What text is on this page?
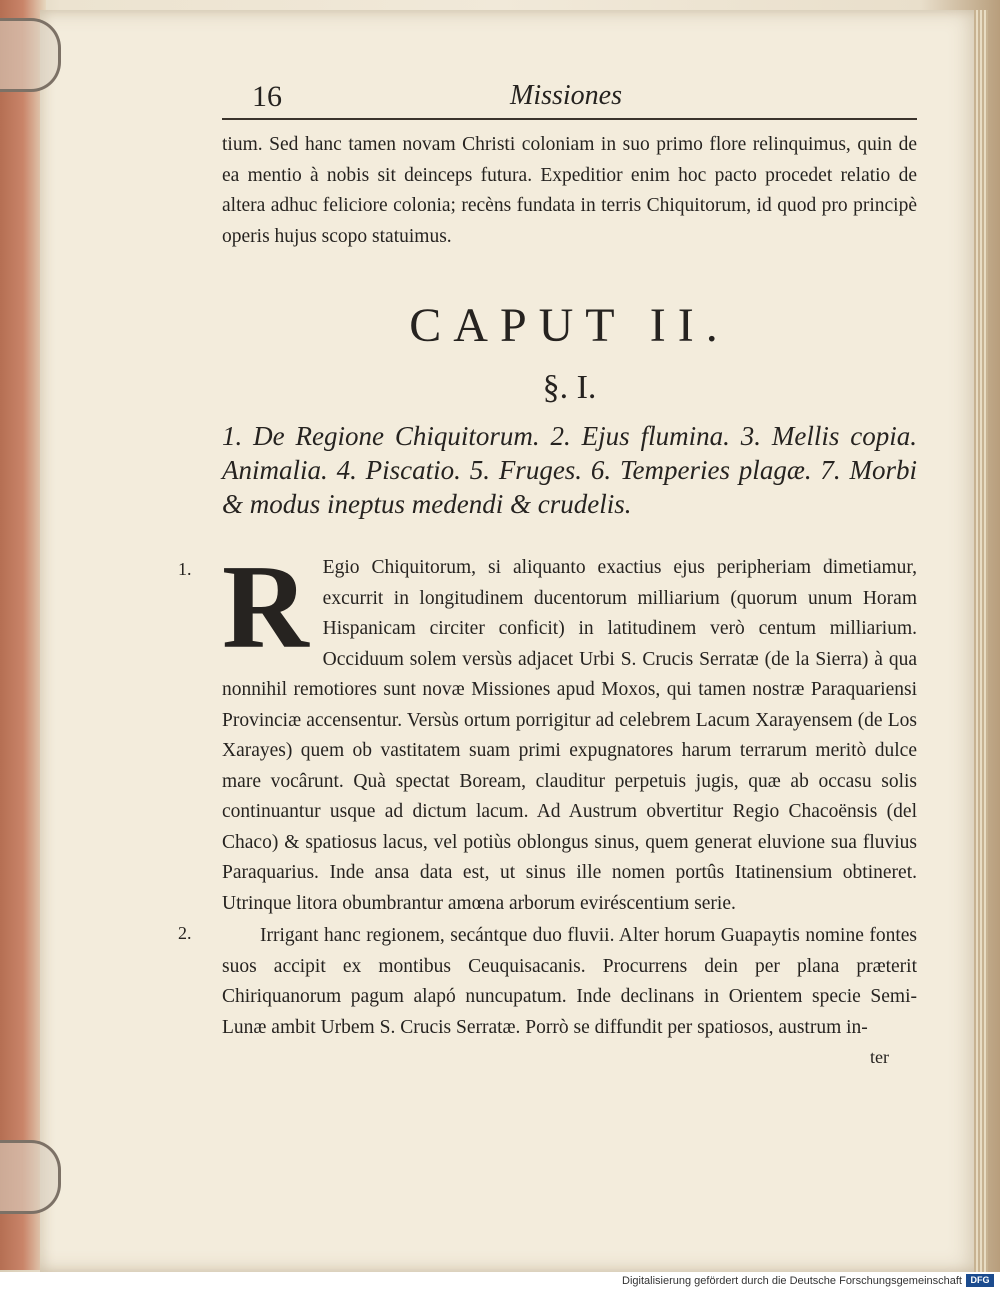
16	Missiones

tium. Sed hanc tamen novam Christi coloniam in suo primo flore relinquimus, quin de ea mentio à nobis sit deinceps futura. Expeditior enim hoc pacto procedet relatio de altera adhuc feliciore colonia; recèns fundata in terris Chiquitorum, id quod pro principè operis hujus scopo statuimus.

CAPUT II.
§. I.

1. De Regione Chiquitorum. 2. Ejus flumina. 3. Mellis copia. Animalia. 4. Piscatio. 5. Fruges. 6. Temperies plagæ. 7. Morbi & modus ineptus medendi & crudelis.

1. R Egio Chiquitorum, si aliquanto exactius ejus peripheriam dimetiamur, excurrit in longitudinem ducentorum milliarium (quorum unum Horam Hispanicam circiter conficit) in latitudinem verò centum milliarium. Occiduum solem versùs adjacet Urbi S. Crucis Serratæ (de la Sierra) à qua nonnihil remotiores sunt novæ Missiones apud Moxos, qui tamen nostræ Paraquariensi Provinciæ accensentur. Versùs ortum porrigitur ad celebrem Lacum Xarayensem (de Los Xarayes) quem ob vastitatem suam primi expugnatores harum terrarum meritò dulce mare vocârunt. Quà spectat Boream, clauditur perpetuis jugis, quæ ab occasu solis continuantur usque ad dictum lacum. Ad Austrum obvertitur Regio Chacoënsis (del Chaco) & spatiosus lacus, vel potiùs oblongus sinus, quem generat eluvione sua fluvius Paraquarius. Inde ansa data est, ut sinus ille nomen portûs Itatinensium obtineret. Utrinque litora obumbrantur amœna arborum eviréscentium serie.

2.	Irrigant hanc regionem, secántque duo fluvii. Alter horum Guapaytis nomine fontes suos accipit ex montibus Ceuquisacanis. Procurrens dein per plana præterit Chiriquanorum pagum alapó nuncupatum. Inde declinans in Orientem specie Semi-Lunæ ambit Urbem S. Crucis Serratæ. Porrò se diffundit per spatiosos, austrum in-

ter
Digitalisierung gefördert durch die Deutsche Forschungsgemeinschaft DFG
